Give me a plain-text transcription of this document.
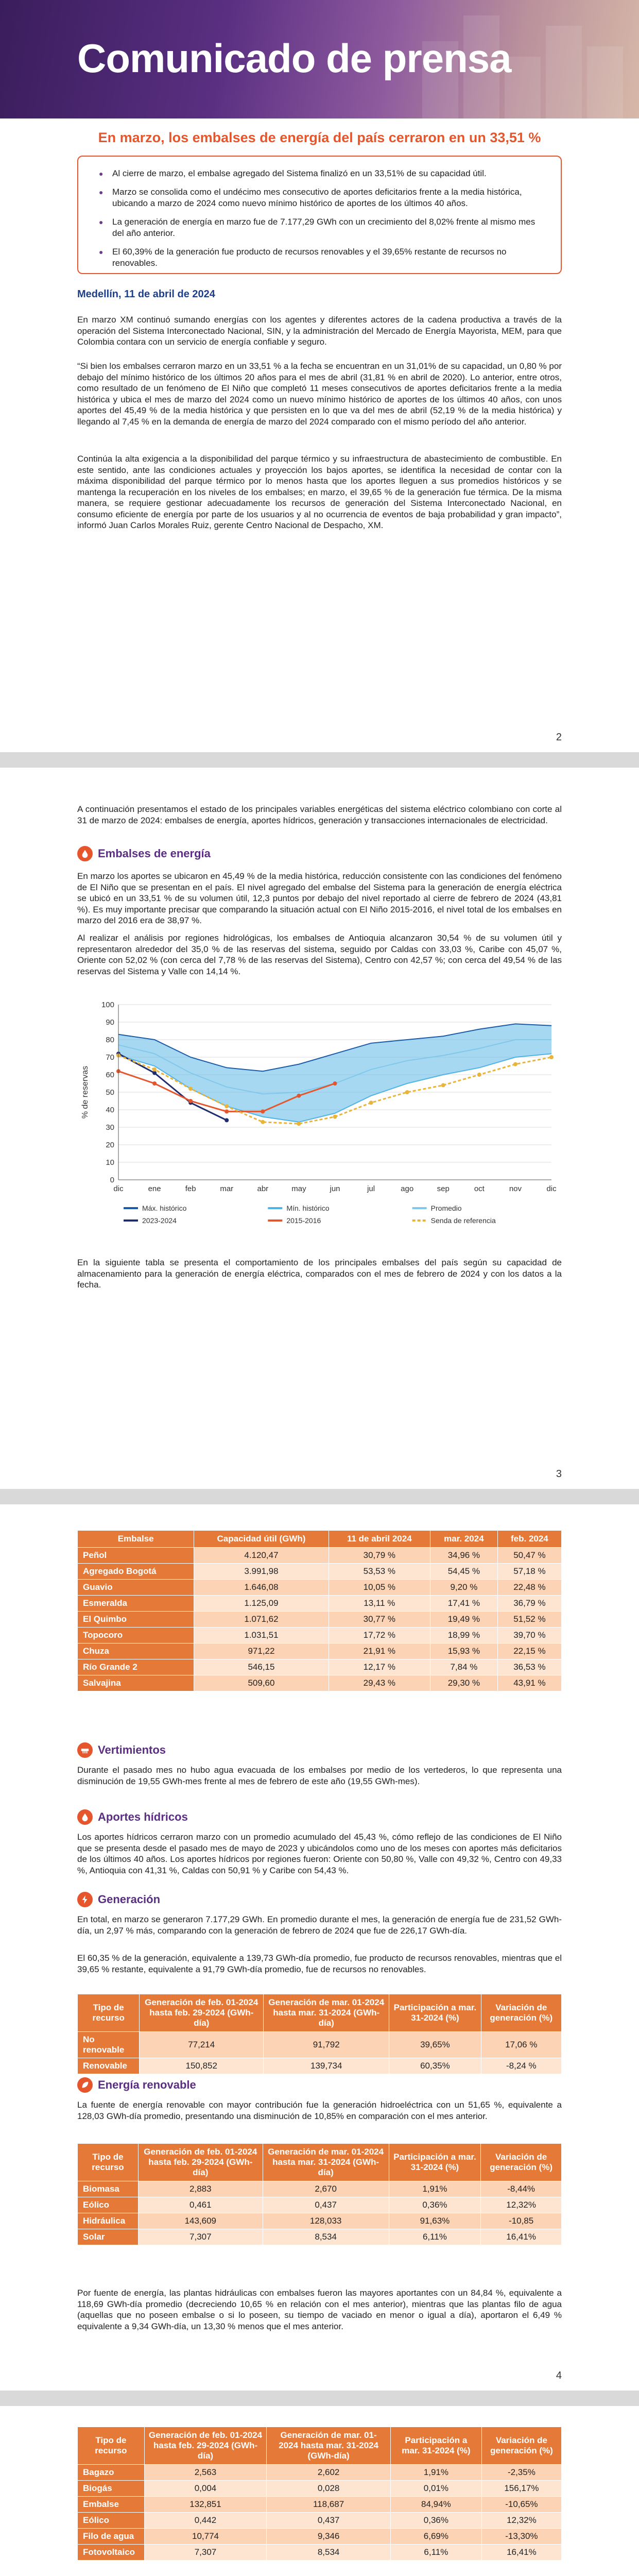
Comunicado de prensa
En marzo, los embalses de energía del país cerraron en un 33,51 %
● Al cierre de marzo, el embalse agregado del Sistema finalizó en un 33,51% de su capacidad útil.
● Marzo se consolida como el undécimo mes consecutivo de aportes deficitarios frente a la media histórica, ubicando a marzo de 2024 como nuevo mínimo histórico de aportes de los últimos 40 años.
● La generación de energía en marzo fue de 7.177,29 GWh con un crecimiento del 8,02% frente al mismo mes del año anterior.
● El 60,39% de la generación fue producto de recursos renovables y el 39,65% restante de recursos no renovables.
Medellín, 11 de abril de 2024
En marzo XM continuó sumando energías con los agentes y diferentes actores de la cadena productiva a través de la operación del Sistema Interconectado Nacional, SIN, y la administración del Mercado de Energía Mayorista, MEM, para que Colombia contara con un servicio de energía confiable y seguro.
“Si bien los embalses cerraron marzo en un 33,51 % a la fecha se encuentran en un 31,01% de su capacidad, un 0,80 % por debajo del mínimo histórico de los últimos 20 años para el mes de abril (31,81 % en abril de 2020). Lo anterior, entre otros, como resultado de un fenómeno de El Niño que completó 11 meses consecutivos de aportes deficitarios frente a la media histórica y ubica el mes de marzo del 2024 como un nuevo mínimo histórico de aportes de los últimos 40 años, con unos aportes del 45,49 % de la media histórica y que persisten en lo que va del mes de abril (52,19 % de la media histórica) y llegando al 7,45 % en la demanda de energía de marzo del 2024 comparado con el mismo período del año anterior.
Continúa la alta exigencia a la disponibilidad del parque térmico y su infraestructura de abastecimiento de combustible. En este sentido, ante las condiciones actuales y proyección los bajos aportes, se identifica la necesidad de contar con la máxima disponibilidad del parque térmico por lo menos hasta que los aportes lleguen a sus promedios históricos y se mantenga la recuperación en los niveles de los embalses; en marzo, el 39,65 % de la generación fue térmica. De la misma manera, se requiere gestionar adecuadamente los recursos de generación del Sistema Interconectado Nacional, en consumo eficiente de energía por parte de los usuarios y al no ocurrencia de eventos de baja probabilidad y gran impacto”, informó Juan Carlos Morales Ruiz, gerente Centro Nacional de Despacho, XM.
2
A continuación presentamos el estado de los principales variables energéticas del sistema eléctrico colombiano con corte al 31 de marzo de 2024: embalses de energía, aportes hídricos, generación y transacciones internacionales de electricidad.
Embalses de energía
En marzo los aportes se ubicaron en 45,49 % de la media histórica, reducción consistente con las condiciones del fenómeno de El Niño que se presentan en el país. El nivel agregado del embalse del Sistema para la generación de energía eléctrica se ubicó en un 33,51 % de su volumen útil, 12,3 puntos por debajo del nivel reportado al cierre de febrero de 2024 (43,81 %). Es muy importante precisar que comparando la situación actual con El Niño 2015-2016, el nivel total de los embalses en marzo del 2016 era de 38,97 %.
Al realizar el análisis por regiones hidrológicas, los embalses de Antioquia alcanzaron 30,54 % de su volumen útil y representaron alrededor del 35,0 % de las reservas del sistema, seguido por Caldas con 33,03 %, Caribe con 45,07 %, Oriente con 52,02 % (con cerca del 7,78 % de las reservas del Sistema), Centro con 42,57 %; con cerca del 49,54 % de las reservas del Sistema y Valle con 14,14 %.
0
10
20
30
40
50
60
70
80
90
100
dic	ene	feb	mar	abr	may	jun	jul	ago	sep	oct	nov	dic
% de reservas
Máx. histórico	Mín. histórico	Promedio
2023-2024	2015-2016	Senda de referencia
En la siguiente tabla se presenta el comportamiento de los principales embalses del país según su capacidad de almacenamiento para la generación de energía eléctrica, comparados con el mes de febrero de 2024 y con los datos a la fecha.
3
Embalse	Capacidad útil (GWh)	11 de abril 2024	mar. 2024	feb. 2024
Peñol	4.120,47	30,79 %	34,96 %	50,47 %
Agregado Bogotá	3.991,98	53,53 %	54,45 %	57,18 %
Guavio	1.646,08	10,05 %	9,20 %	22,48 %
Esmeralda	1.125,09	13,11 %	17,41 %	36,79 %
El Quimbo	1.071,62	30,77 %	19,49 %	51,52 %
Topocoro	1.031,51	17,72 %	18,99 %	39,70 %
Chuza	971,22	21,91 %	15,93 %	22,15 %
Río Grande 2	546,15	12,17 %	7,84 %	36,53 %
Salvajina	509,60	29,43 %	29,30 %	43,91 %
Vertimientos
Durante el pasado mes no hubo agua evacuada de los embalses por medio de los vertederos, lo que representa una disminución de 19,55 GWh-mes frente al mes de febrero de este año (19,55 GWh-mes).
Aportes hídricos
Los aportes hídricos cerraron marzo con un promedio acumulado del 45,43 %, cómo reflejo de las condiciones de El Niño que se presenta desde el pasado mes de mayo de 2023 y ubicándolos como uno de los meses con aportes más deficitarios de los últimos 40 años. Los aportes hídricos por regiones fueron: Oriente con 50,80 %, Valle con 49,32 %, Centro con 49,33 %, Antioquia con 41,31 %, Caldas con 50,91 % y Caribe con 54,43 %.
Generación
En total, en marzo se generaron 7.177,29 GWh. En promedio durante el mes, la generación de energía fue de 231,52 GWh-día, un 2,97 % más, comparando con la generación de febrero de 2024 que fue de 226,17 GWh-día.
El 60,35 % de la generación, equivalente a 139,73 GWh-día promedio, fue producto de recursos renovables, mientras que el 39,65 % restante, equivalente a 91,79 GWh-día promedio, fue de recursos no renovables.
Tipo de recurso	Generación de feb. 01-2024 hasta feb. 29-2024 (GWh-día)	Generación de mar. 01-2024 hasta mar. 31-2024 (GWh-día)	Participación a mar. 31-2024 (%)	Variación de generación (%)
No renovable	77,214	91,792	39,65%	17,06 %
Renovable	150,852	139,734	60,35%	-8,24 %
Energía renovable
La fuente de energía renovable con mayor contribución fue la generación hidroeléctrica con un 51,65 %, equivalente a 128,03 GWh-día promedio, presentando una disminución de 10,85% en comparación con el mes anterior.
Tipo de recurso	Generación de feb. 01-2024 hasta feb. 29-2024 (GWh-día)	Generación de mar. 01-2024 hasta mar. 31-2024 (GWh-día)	Participación a mar. 31-2024 (%)	Variación de generación (%)
Biomasa	2,883	2,670	1,91%	-8,44%
Eólico	0,461	0,437	0,36%	12,32%
Hidráulica	143,609	128,033	91,63%	-10,85
Solar	7,307	8,534	6,11%	16,41%
Por fuente de energía, las plantas hidráulicas con embalses fueron las mayores aportantes con un 84,84 %, equivalente a 118,69 GWh-día promedio (decreciendo 10,65 % en relación con el mes anterior), mientras que las plantas filo de agua (aquellas que no poseen embalse o si lo poseen, su tiempo de vaciado en menor o igual a día), aportaron el 6,49 % equivalente a 9,34 GWh-día, un 13,30 % menos que el mes anterior.
4
Tipo de recurso	Generación de feb. 01-2024 hasta feb. 29-2024 (GWh-día)	Generación de mar. 01-2024 hasta mar. 31-2024 (GWh-día)	Participación a mar. 31-2024 (%)	Variación de generación (%)
Bagazo	2,563	2,602	1,91%	-2,35%
Biogás	0,004	0,028	0,01%	156,17%
Embalse	132,851	118,687	84,94%	-10,65%
Eólico	0,442	0,437	0,36%	12,32%
Filo de agua	10,774	9,346	6,69%	-13,30%
Fotovoltaico	7,307	8,534	6,11%	16,41%
